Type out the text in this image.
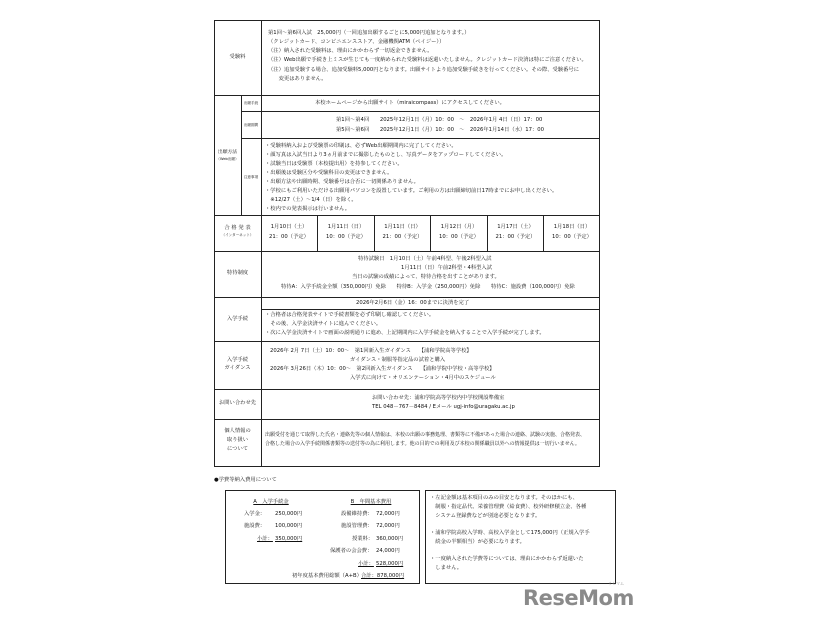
受験料
第1回～第6回入試　25,000円（一回追加出願するごとに5,000円追加となります。）
（クレジットカード、コンビニエンスストア、金融機関ATM（ペイジー））
（注）納入された受験料は、理由にかかわらず一切返金できません。
（注）Web出願で手続き上ミスが生じても一度納められた受験料は返還いたしません。クレジットカード決済は特にご注意ください。
（注）追加受験する場合、追加受験料5,000円となります。出願サイトより追加受験手続きを行ってください。その際、受験番号に
　　変更はありません。
出願方法
（Web出願）
出願手続	本校ホームページから出願サイト（miraicompass）にアクセスしてください。
出願期間
第1回～第4回　　2025年12月1日（月）10：00　～　2026年1月 4日（日）17：00
第5回～第6回　　2025年12月1日（月）10：00　～　2026年1月14日（水）17：00
注意事項
・受験料納入および受験票の印刷は、必ずWeb出願期間内に完了してください。
・顔写真は入試当日より3ヵ月前までに撮影したものとし、写真データをアップロードしてください。
・試験当日は受験票（本校提出用）を持参してください。
・出願後は受験区分や受験科目の変更はできません。
・出願方法や出願時期、受験番号は合否に一切関係ありません。
・学校にもご利用いただける出願用パソコンを設置しています。ご利用の方は出願締切前日17時までにお申し出ください。
　※12/27（土）～1/4（日）を除く。
・校内での発表掲示は行いません。
合 格 発 表
（インターネット）
1月10日（土）
21：00（予定）
1月11日（日）
10：00（予定）
1月11日（日）
21：00（予定）
1月12日（月）
10：00（予定）
1月17日（土）
21：00（予定）
1月18日（日）
10：00（予定）
特待制度
特待試験日　1月10日（土）午前4科型、午後2科型入試
1月11日（日）午前2科型・4科型入試
当日の試験の成績によって、特待合格を出すことがあります。
特待A：入学手続金全額（350,000円）免除　　特待B：入学金（250,000円）免除　　特待C：施設費（100,000円）免除
入学手続
2026年2月6日（金）16：00までに決済を完了
・合格者は合格発表サイトで手続書類を必ず印刷し確認してください。
　その後、入学金決済サイトに進んでください。
・次に入学金決済サイトで画面の説明通りに進め、上記期間内に入学手続金を納入することで入学手続が完了します。
入学手続
ガイダンス
2026年 2月 7日（土）10：00～　第1回新入生ガイダンス　　【浦和学院高等学校】
ガイダンス・制服等指定品の試着と購入
2026年 3月26日（木）10：00～　第2回新入生ガイダンス　　【浦和学院中学校・高等学校】
入学式に向けて・オリエンテーション・4月中のスケジュール
お問い合わせ先
お問い合わせ先：浦和学院高等学校内中学校開設準備室
TEL 048－767－8484 / Eメール ugj-info@uragaku.ac.jp
個人情報の
取り扱い
について
出願受付を通じて取得した氏名・連絡先等の個人情報は、本校の出願の事務処理、書類等に不備があった場合の連絡、試験の実施、合格発表、
合格した場合の入学手続関係書類等の送付等の為に利用します。他の目的での利用及び本校の関係職員以外への情報提供は一切行いません。
●学費等納入費用について
A　入学手続金
入学金： 250,000円
施設費： 100,000円
小計： 350,000円
B　年間基本費用
設備維持費： 72,000円
施設管理費： 72,000円
授業料： 360,000円
保護者の会会費： 24,000円
小計： 528,000円
初年度基本費用総額（A+B） 合計：878,000円
・左記金額は基本項目のみの目安となります。そのほかにも、
　制服・指定品代、栄養管理費（給食費）、校外研修積立金、各種
　システム登録費などが別途必要となります。
・浦和学院高校入学時、高校入学金として175,000円（正規入学手
　続金の半額相当）が必要になります。
・一度納入された学費等については、理由にかかわらず返還いた
　しません。
リセマム
ReseMom
